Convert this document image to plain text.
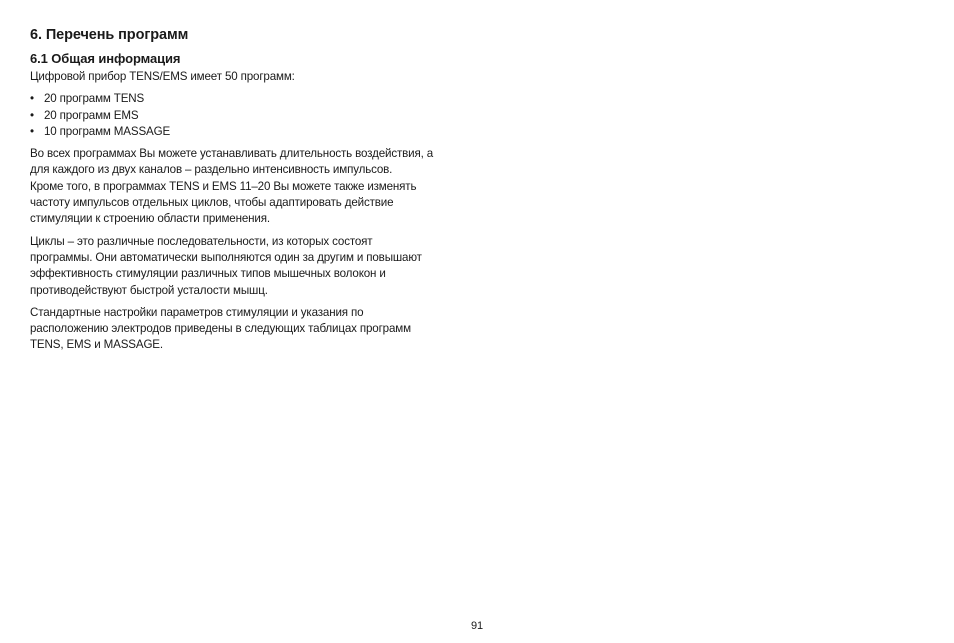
6. Перечень программ
6.1 Общая информация

Цифровой прибор TENS/EMS имеет 50 программ:

• 20 программ TENS
• 20 программ EMS
• 10 программ MASSAGE

Во всех программах Вы можете устанавливать длительность воздействия, а
для каждого из двух каналов – раздельно интенсивность импульсов.
Кроме того, в программах TENS и EMS 11–20 Вы можете также изменять
частоту импульсов отдельных циклов, чтобы адаптировать действие
стимуляции к строению области применения.

Циклы – это различные последовательности, из которых состоят
программы. Они автоматически выполняются один за другим и повышают
эффективность стимуляции различных типов мышечных волокон и
противодействуют быстрой усталости мышц.

Стандартные настройки параметров стимуляции и указания по
расположению электродов приведены в следующих таблицах программ
TENS, EMS и MASSAGE.

91
